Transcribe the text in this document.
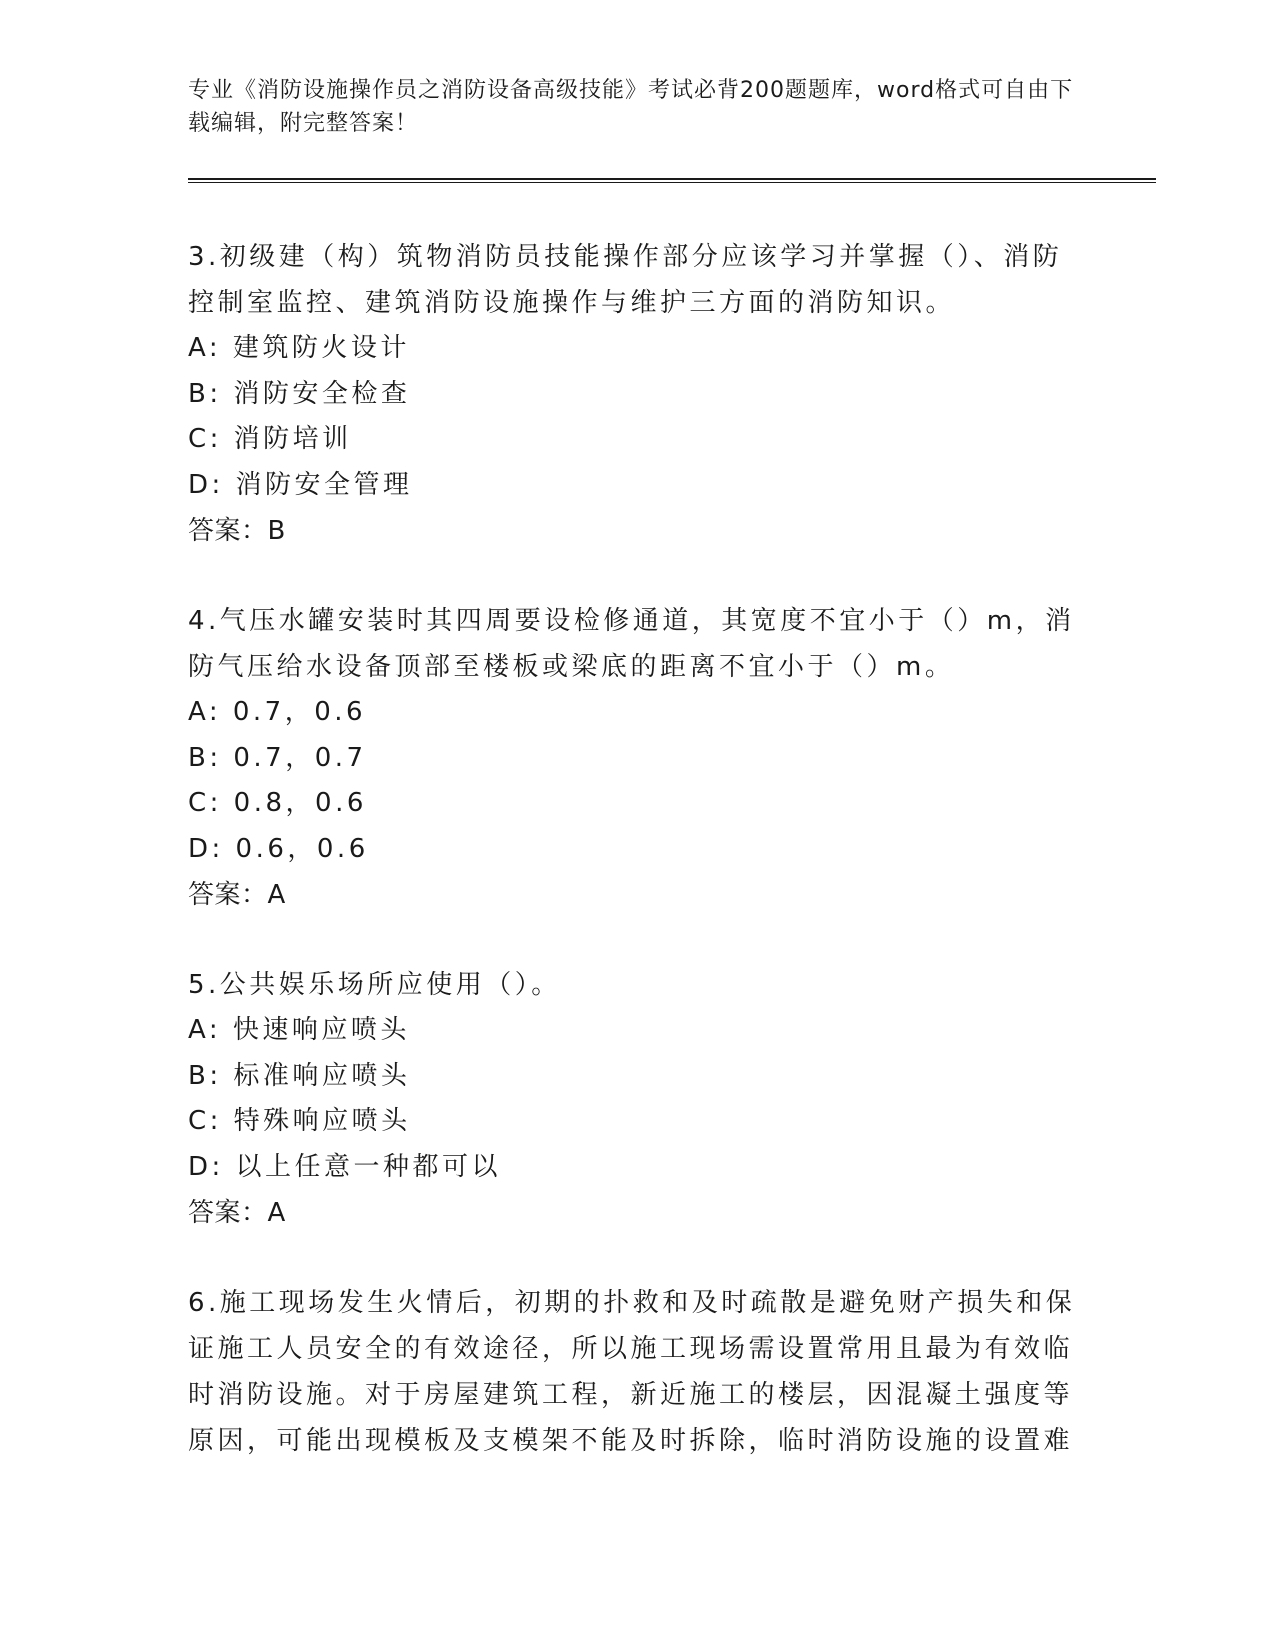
专业《消防设施操作员之消防设备高级技能》考试必背200题题库，word格式可自由下载编辑，附完整答案！

3.初级建（构）筑物消防员技能操作部分应该学习并掌握（）、消防控制室监控、建筑消防设施操作与维护三方面的消防知识。

A: 建筑防火设计

B: 消防安全检查

C: 消防培训

D: 消防安全管理

答案：B

4.气压水罐安装时其四周要设检修通道，其宽度不宜小于（）m，消防气压给水设备顶部至楼板或梁底的距离不宜小于（）m。

A: 0.7，0.6

B: 0.7，0.7

C: 0.8，0.6

D: 0.6，0.6

答案：A

5.公共娱乐场所应使用（）。

A: 快速响应喷头

B: 标准响应喷头

C: 特殊响应喷头

D: 以上任意一种都可以

答案：A

6.施工现场发生火情后，初期的扑救和及时疏散是避免财产损失和保证施工人员安全的有效途径，所以施工现场需设置常用且最为有效临时消防设施。对于房屋建筑工程，新近施工的楼层，因混凝土强度等原因，可能出现模板及支模架不能及时拆除，临时消防设施的设置难
